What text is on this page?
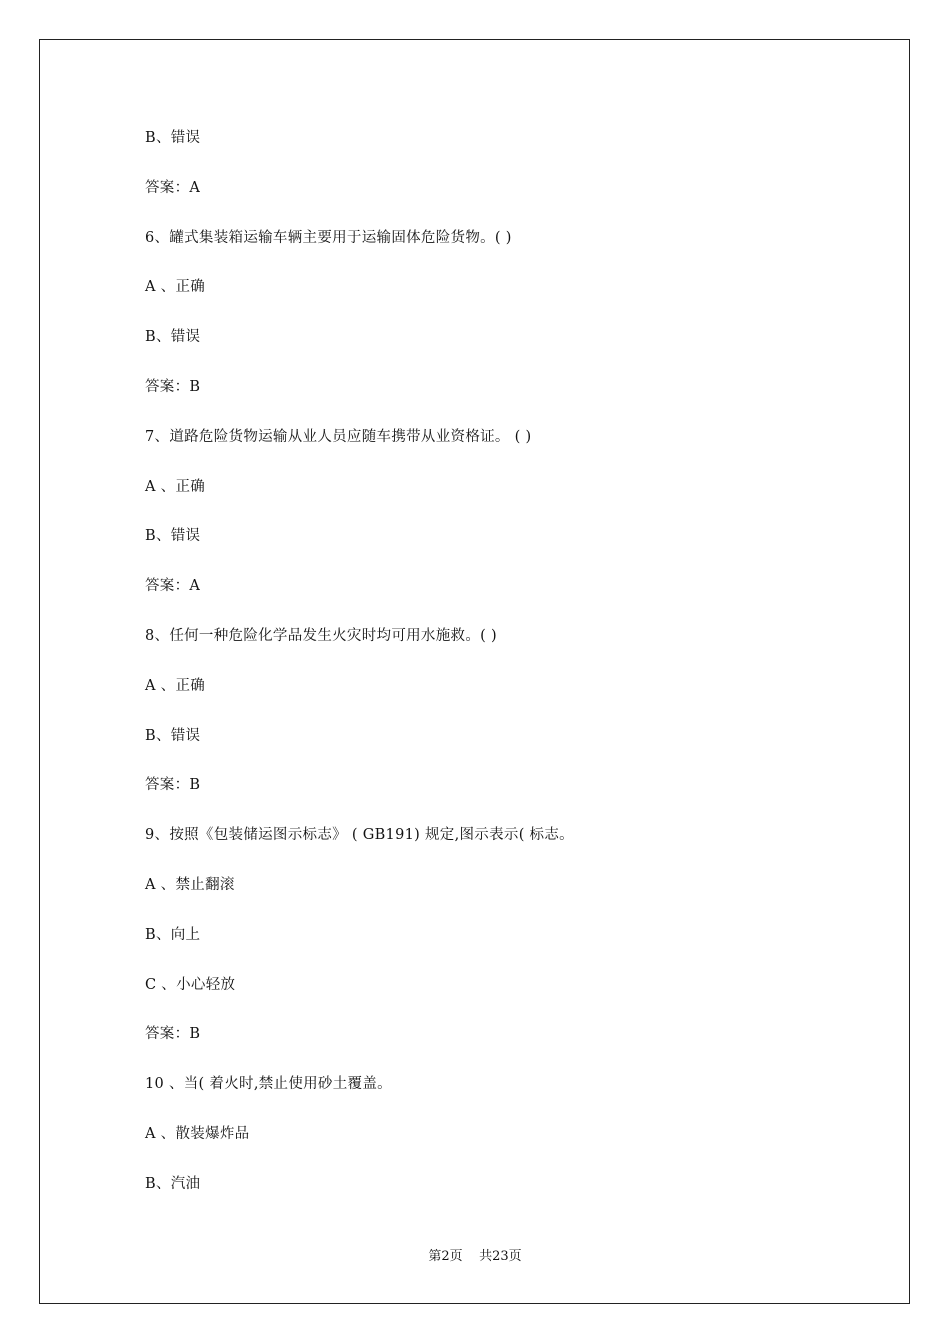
B、错误
答案：A
6、罐式集装箱运输车辆主要用于运输固体危险货物。( )
A 、正确
B、错误
答案：B
7、道路危险货物运输从业人员应随车携带从业资格证。 ( )
A 、正确
B、错误
答案：A
8、任何一种危险化学品发生火灾时均可用水施救。( )
A 、正确
B、错误
答案：B
9、按照《包装储运图示标志》 ( GB191) 规定,图示表示( 标志。
A 、禁止翻滚
B、向上
C 、小心轻放
答案：B
10 、当( 着火时,禁止使用砂土覆盖。
A 、散装爆炸品
B、汽油
第2页    共23页
